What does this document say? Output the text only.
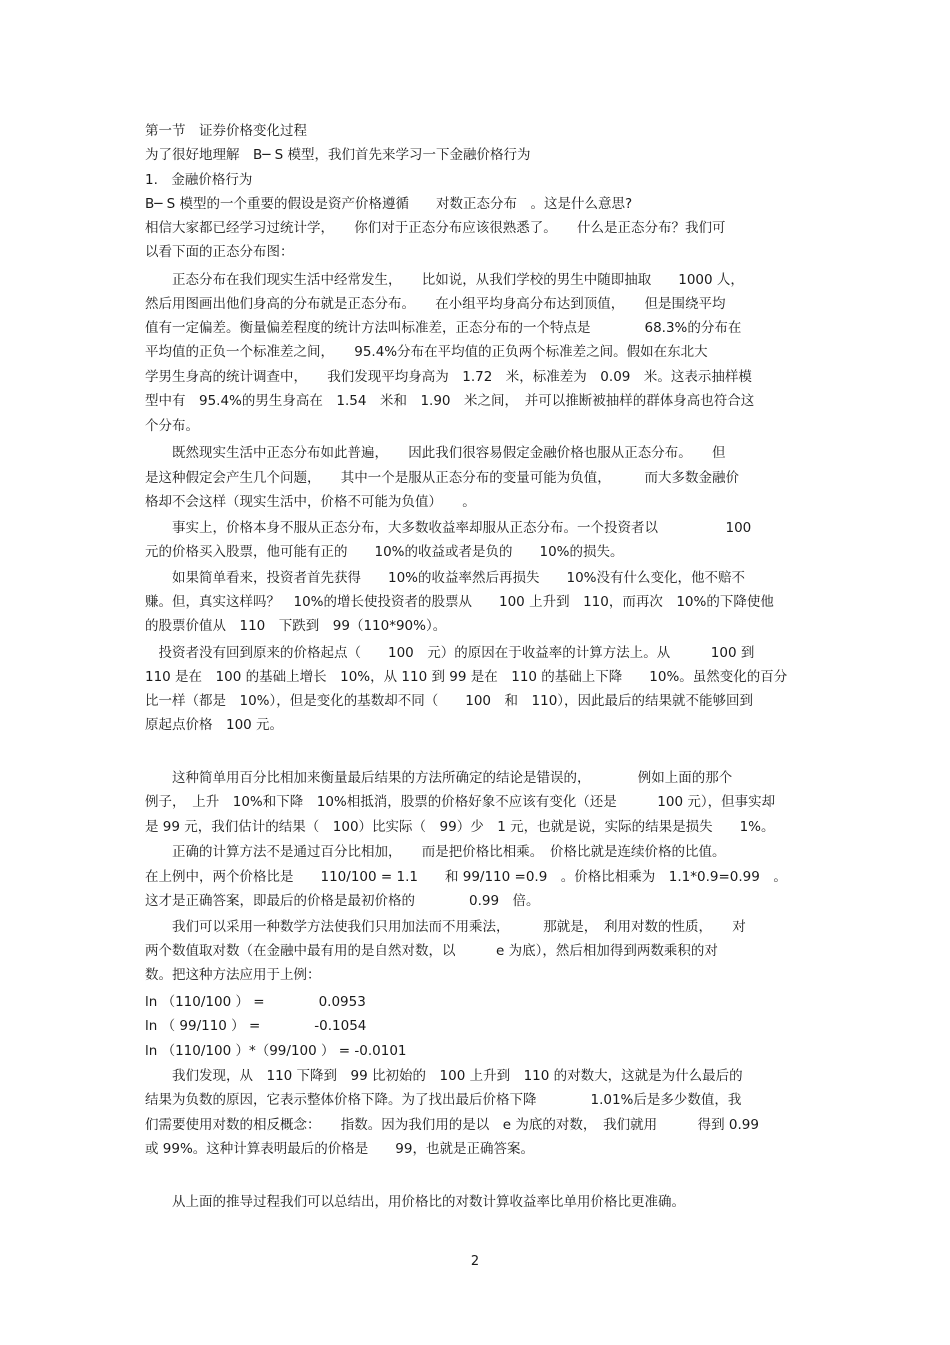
第一节　证券价格变化过程
为了很好地理解　B─ S 模型，我们首先来学习一下金融价格行为
1.　金融价格行为
B─ S 模型的一个重要的假设是资产价格遵循　　对数正态分布　。这是什么意思?
相信大家都已经学习过统计学，　　你们对于正态分布应该很熟悉了。　　什么是正态分布？我们可
以看下面的正态分布图：
　　正态分布在我们现实生活中经常发生，　　比如说，从我们学校的男生中随即抽取　　1000 人，
然后用图画出他们身高的分布就是正态分布。　　在小组平均身高分布达到顶值，　　但是围绕平均
值有一定偏差。衡量偏差程度的统计方法叫标准差，正态分布的一个特点是　　　　68.3%的分布在
平均值的正负一个标准差之间，　　95.4%分布在平均值的正负两个标准差之间。假如在东北大
学男生身高的统计调查中，　　我们发现平均身高为　1.72　米，标准差为　0.09　米。这表示抽样模
型中有　95.4%的男生身高在　1.54　米和　1.90　米之间，　并可以推断被抽样的群体身高也符合这
个分布。
　　既然现实生活中正态分布如此普遍，　　因此我们很容易假定金融价格也服从正态分布。　　但
是这种假定会产生几个问题，　　其中一个是服从正态分布的变量可能为负值，　　　而大多数金融价
格却不会这样（现实生活中，价格不可能为负值）　　。
　　事实上，价格本身不服从正态分布，大多数收益率却服从正态分布。一个投资者以　　　　　100
元的价格买入股票，他可能有正的　　10%的收益或者是负的　　10%的损失。
　　如果简单看来，投资者首先获得　　10%的收益率然后再损失　　10%没有什么变化，他不赔不
赚。但，真实这样吗？　10%的增长使投资者的股票从　　100 上升到　110，而再次　10%的下降使他
的股票价值从　110　下跌到　99（110*90%）。
　投资者没有回到原来的价格起点（　　100　元）的原因在于收益率的计算方法上。从　　　100 到
110 是在　100 的基础上增长　10%，从 110 到 99 是在　110 的基础上下降　　10%。虽然变化的百分
比一样（都是　10%），但是变化的基数却不同（　　100　和　110），因此最后的结果就不能够回到
原起点价格　100 元。
　　这种简单用百分比相加来衡量最后结果的方法所确定的结论是错误的，　　　　例如上面的那个
例子，　上升　10%和下降　10%相抵消，股票的价格好象不应该有变化（还是　　　100 元），但事实却
是 99 元，我们估计的结果（　100）比实际（　99）少　1 元，也就是说，实际的结果是损失　　1%。
　　正确的计算方法不是通过百分比相加，　　而是把价格比相乘。　价格比就是连续价格的比值。
在上例中，两个价格比是　　110/100 = 1.1　　和 99/110 =0.9　。价格比相乘为　1.1*0.9=0.99　。
这才是正确答案，即最后的价格是最初价格的　　　　0.99　倍。
　　我们可以采用一种数学方法使我们只用加法而不用乘法，　　　那就是，　利用对数的性质，　　对
两个数值取对数（在金融中最有用的是自然对数，以　　　e 为底），然后相加得到两数乘积的对
数。把这种方法应用于上例：
ln （110/100 ） =　　　　0.0953
ln （ 99/110 ） =　　　　-0.1054
ln （110/100 ）*（99/100 ） = -0.0101
　　我们发现，从　110 下降到　99 比初始的　100 上升到　110 的对数大，这就是为什么最后的
结果为负数的原因，它表示整体价格下降。为了找出最后价格下降　　　　1.01%后是多少数值，我
们需要使用对数的相反概念：　　指数。因为我们用的是以　e 为底的对数，　我们就用　　　得到 0.99
或 99%。这种计算表明最后的价格是　　99，也就是正确答案。
　　从上面的推导过程我们可以总结出，用价格比的对数计算收益率比单用价格比更准确。
2
